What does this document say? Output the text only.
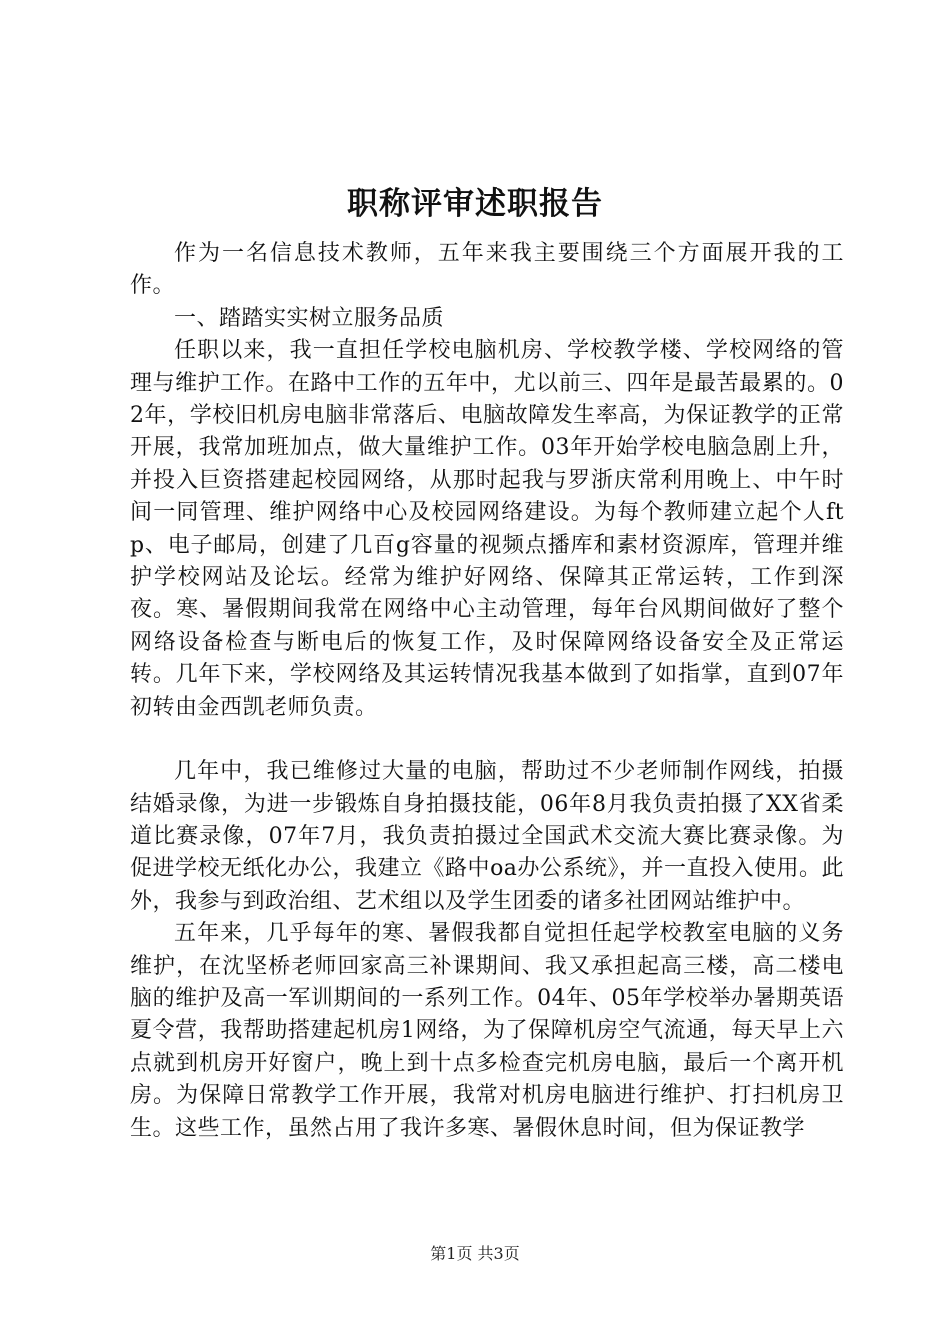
职称评审述职报告

作为一名信息技术教师，五年来我主要围绕三个方面展开我的工作。

一、踏踏实实树立服务品质

任职以来，我一直担任学校电脑机房、学校教学楼、学校网络的管理与维护工作。在路中工作的五年中，尤以前三、四年是最苦最累的。02年，学校旧机房电脑非常落后、电脑故障发生率高，为保证教学的正常开展，我常加班加点，做大量维护工作。03年开始学校电脑急剧上升，并投入巨资搭建起校园网络，从那时起我与罗浙庆常利用晚上、中午时间一同管理、维护网络中心及校园网络建设。为每个教师建立起个人ftp、电子邮局，创建了几百g容量的视频点播库和素材资源库，管理并维护学校网站及论坛。经常为维护好网络、保障其正常运转，工作到深夜。寒、暑假期间我常在网络中心主动管理，每年台风期间做好了整个网络设备检查与断电后的恢复工作，及时保障网络设备安全及正常运转。几年下来，学校网络及其运转情况我基本做到了如指掌，直到07年初转由金西凯老师负责。

几年中，我已维修过大量的电脑，帮助过不少老师制作网线，拍摄结婚录像，为进一步锻炼自身拍摄技能，06年8月我负责拍摄了XX省柔道比赛录像，07年7月，我负责拍摄过全国武术交流大赛比赛录像。为促进学校无纸化办公，我建立《路中oa办公系统》，并一直投入使用。此外，我参与到政治组、艺术组以及学生团委的诸多社团网站维护中。

五年来，几乎每年的寒、暑假我都自觉担任起学校教室电脑的义务维护，在沈坚桥老师回家高三补课期间、我又承担起高三楼，高二楼电脑的维护及高一军训期间的一系列工作。04年、05年学校举办暑期英语夏令营，我帮助搭建起机房1网络，为了保障机房空气流通，每天早上六点就到机房开好窗户，晚上到十点多检查完机房电脑，最后一个离开机房。为保障日常教学工作开展，我常对机房电脑进行维护、打扫机房卫生。这些工作，虽然占用了我许多寒、暑假休息时间，但为保证教学

第1页 共3页
